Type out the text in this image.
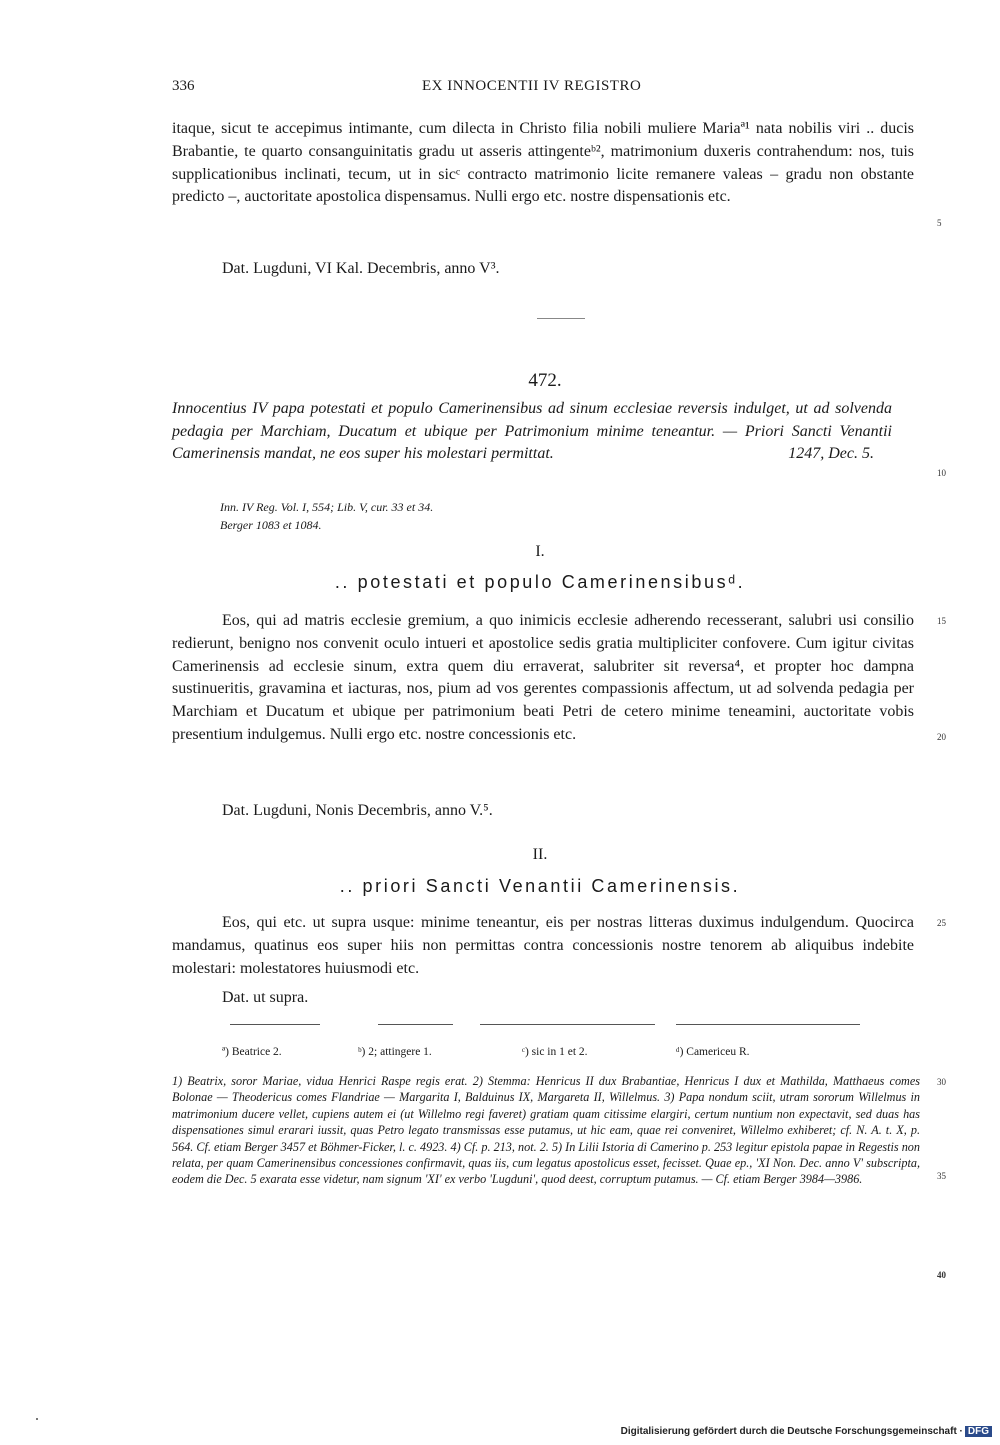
336	EX INNOCENTII IV REGISTRO
itaque, sicut te accepimus intimante, cum dilecta in Christo filia nobili muliere Mariaª¹ nata nobilis viri .. ducis Brabantie, te quarto consanguinitatis gradu ut asseris attingenteᵇ², matrimonium duxeris contrahendum: nos, tuis supplicationibus inclinati, tecum, ut in sicᶜ contracto matrimonio licite remanere valeas – gradu non obstante predicto –, auctoritate apostolica dispensamus. Nulli ergo etc. nostre dispensationis etc.
Dat. Lugduni, VI Kal. Decembris, anno V³.
472.
Innocentius IV papa potestati et populo Camerinensibus ad sinum ecclesiae reversis indulget, ut ad solvenda pedagia per Marchiam, Ducatum et ubique per Patrimonium minime teneantur. — Priori Sancti Venantii Camerinensis mandat, ne eos super his molestari permittat.	1247, Dec. 5.
Inn. IV Reg. Vol. I, 554; Lib. V, cur. 33 et 34.
Berger 1083 et 1084.
I.
.. potestati et populo Camerinensibusᵈ.
Eos, qui ad matris ecclesie gremium, a quo inimicis ecclesie adherendo recesserant, salubri usi consilio redierunt, benigno nos convenit oculo intueri et apostolice sedis gratia multipliciter confovere. Cum igitur civitas Camerinensis ad ecclesie sinum, extra quem diu erraverat, salubriter sit reversa⁴, et propter hoc dampna sustinueritis, gravamina et iacturas, nos, pium ad vos gerentes compassionis affectum, ut ad solvenda pedagia per Marchiam et Ducatum et ubique per patrimonium beati Petri de cetero minime teneamini, auctoritate vobis presentium indulgemus. Nulli ergo etc. nostre concessionis etc.
Dat. Lugduni, Nonis Decembris, anno V.⁵.
II.
.. priori Sancti Venantii Camerinensis.
Eos, qui etc. ut supra usque: minime teneantur, eis per nostras litteras duximus indulgendum. Quocirca mandamus, quatinus eos super hiis non permittas contra concessionis nostre tenorem ab aliquibus indebite molestari: molestatores huiusmodi etc.
Dat. ut supra.
ª) Beatrice 2.	ᵇ) 2; attingere 1.	ᶜ) sic in 1 et 2.	ᵈ) Camericeu R.
1) Beatrix, soror Mariae, vidua Henrici Raspe regis erat. 2) Stemma: Henricus II dux Brabantiae, Henricus I dux et Mathilda, Matthaeus comes Bolonae — Theodericus comes Flandriae — Margarita I, Balduinus IX, Margareta II, Willelmus. 3) Papa nondum sciit, utram sororum Willelmus in matrimonium ducere vellet, cupiens autem ei (ut Willelmo regi faveret) gratiam quam citissime elargiri, certum nuntium non expectavit, sed duas has dispensationes simul erarari iussit, quas Petro legato transmissas esse putamus, ut hic eam, quae rei conveniret, Willelmo exhiberet; cf. N. A. t. X, p. 564. Cf. etiam Berger 3457 et Böhmer-Ficker, l. c. 4923. 4) Cf. p. 213, not. 2. 5) In Lilii Istoria di Camerino p. 253 legitur epistola papae in Regestis non relata, per quam Camerinensibus concessiones confirmavit, quas iis, cum legatus apostolicus esset, fecisset. Quae ep., 'XI Non. Dec. anno V' subscripta, eodem die Dec. 5 exarata esse videtur, nam signum 'XI' ex verbo 'Lugduni', quod deest, corruptum putamus. — Cf. etiam Berger 3984—3986.
5
10
15
20
25
30
35
40
Digitalisierung gefördert durch die Deutsche Forschungsgemeinschaft · DFG
